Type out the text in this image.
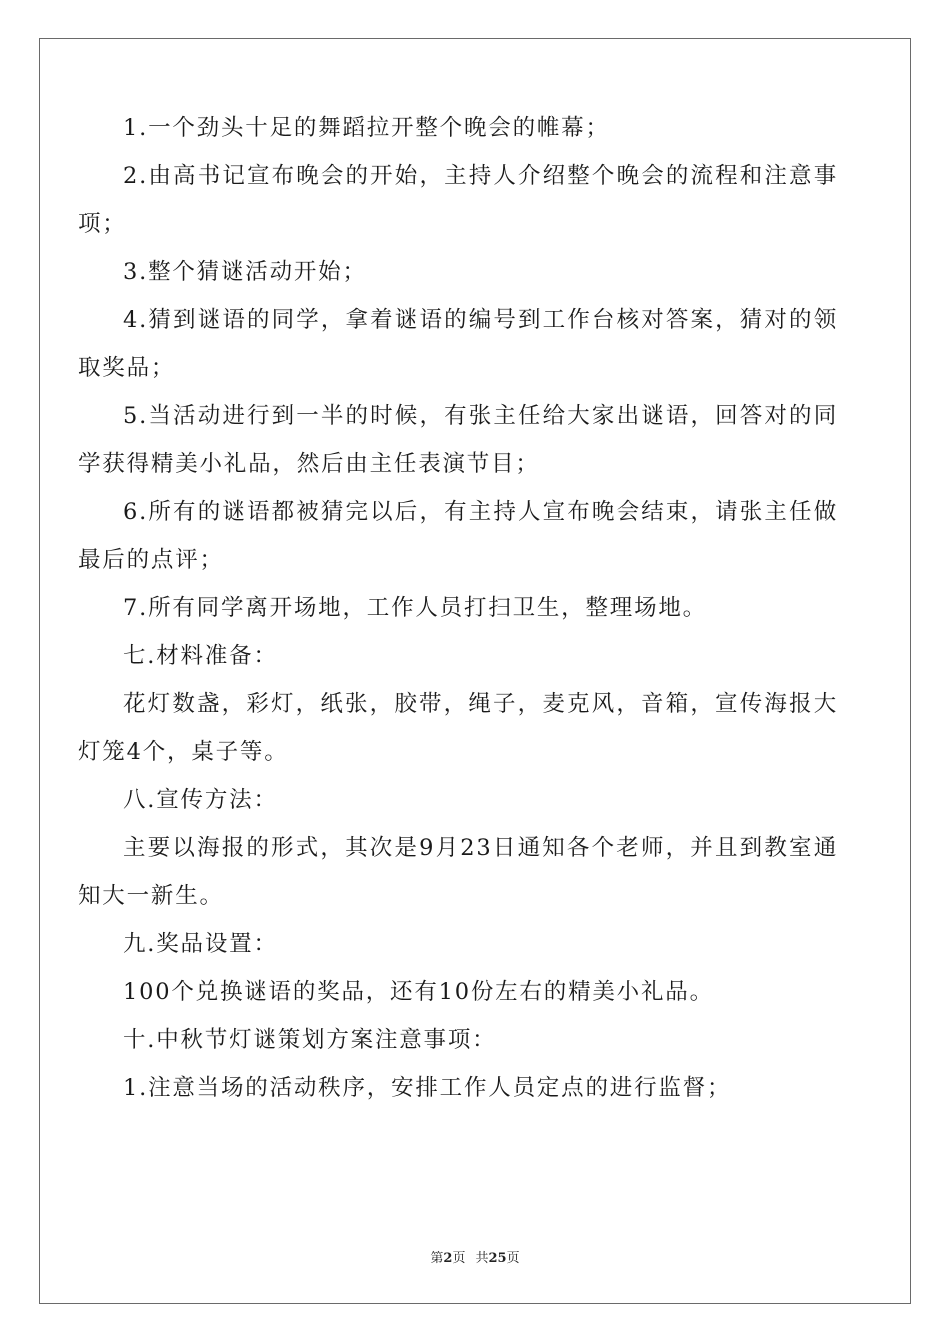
1.一个劲头十足的舞蹈拉开整个晚会的帷幕；

2.由高书记宣布晚会的开始，主持人介绍整个晚会的流程和注意事项；

3.整个猜谜活动开始；

4.猜到谜语的同学，拿着谜语的编号到工作台核对答案，猜对的领取奖品；

5.当活动进行到一半的时候，有张主任给大家出谜语，回答对的同学获得精美小礼品，然后由主任表演节目；

6.所有的谜语都被猜完以后，有主持人宣布晚会结束，请张主任做最后的点评；

7.所有同学离开场地，工作人员打扫卫生，整理场地。

七.材料准备：

花灯数盏，彩灯，纸张，胶带，绳子，麦克风，音箱，宣传海报大灯笼4个，桌子等。

八.宣传方法：

主要以海报的形式，其次是9月23日通知各个老师，并且到教室通知大一新生。

九.奖品设置：

100个兑换谜语的奖品，还有10份左右的精美小礼品。

十.中秋节灯谜策划方案注意事项：

1.注意当场的活动秩序，安排工作人员定点的进行监督；

第2页 共25页
